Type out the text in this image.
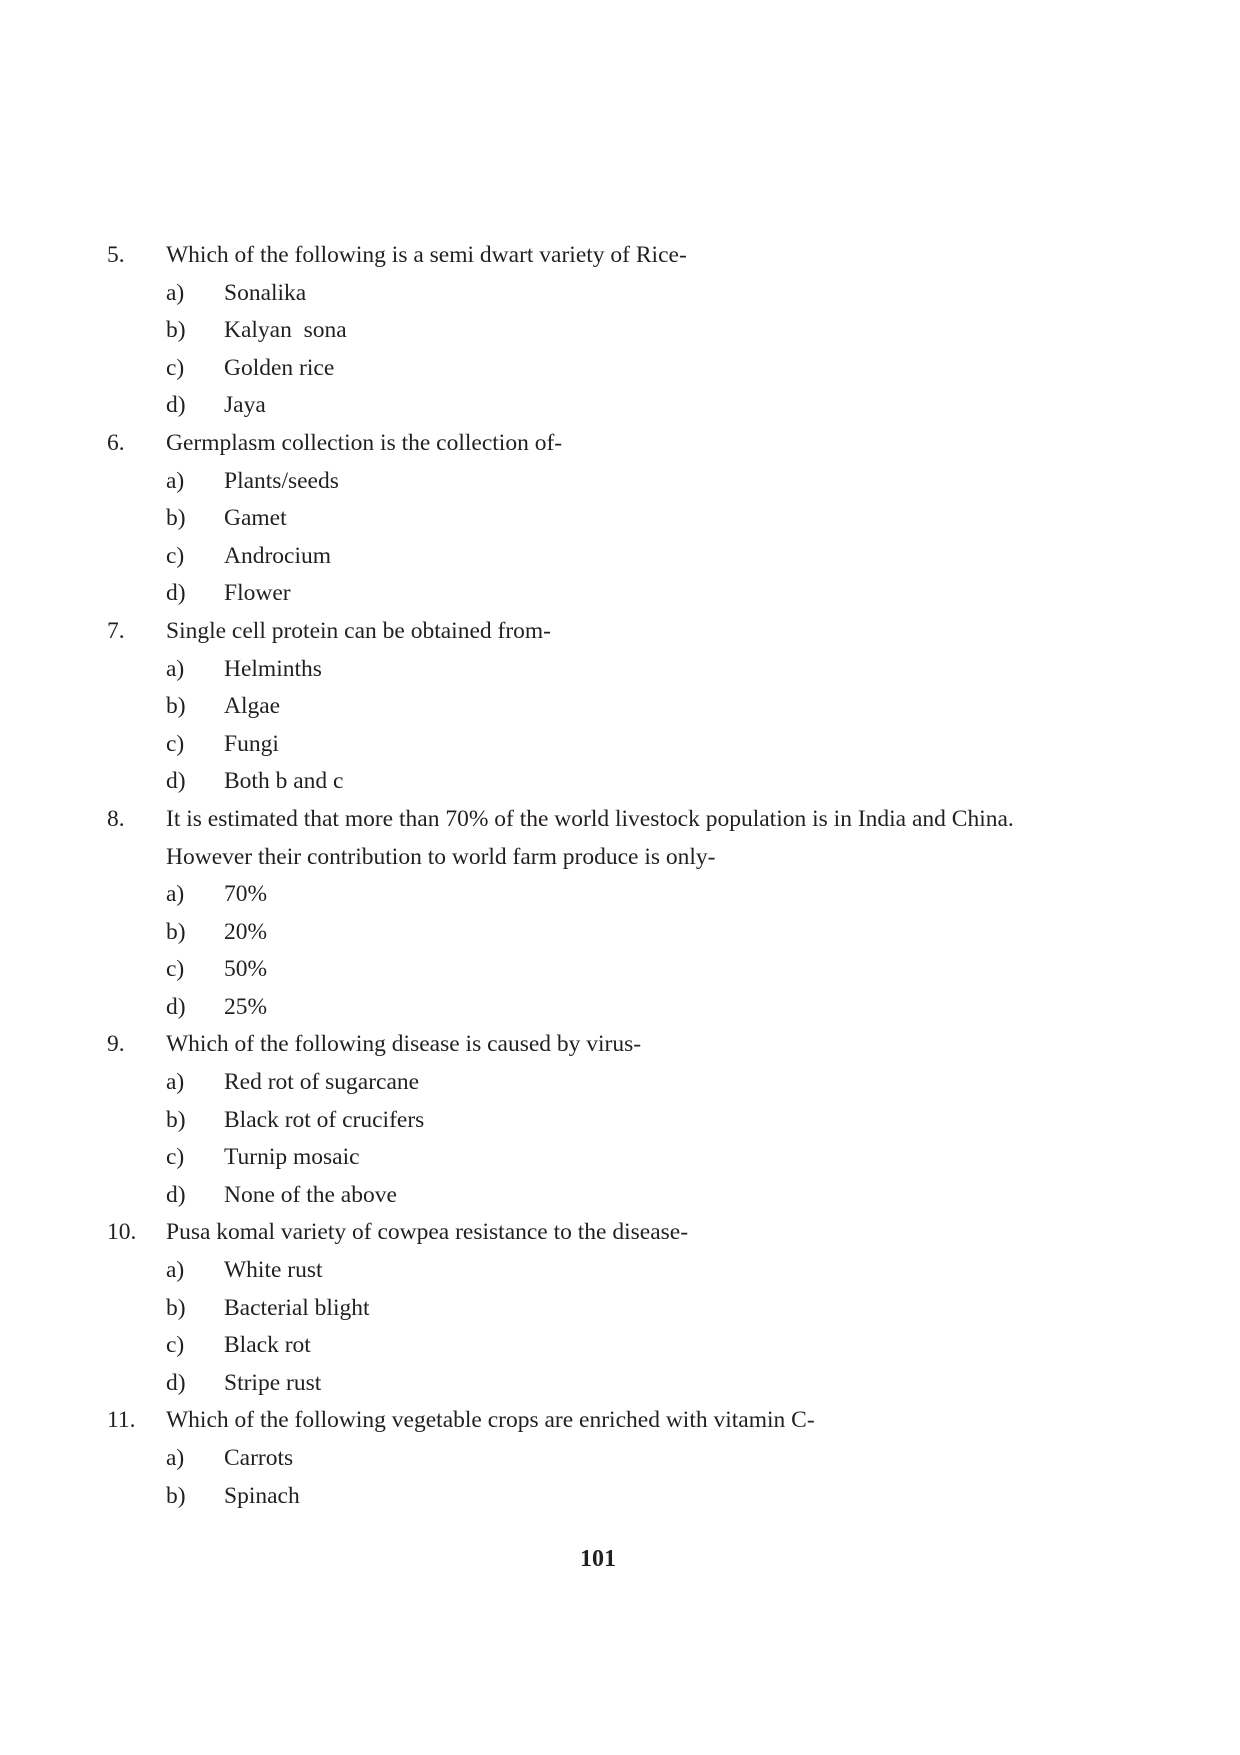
5.	Which of the following is a semi dwart variety of Rice-
a)	Sonalika
b)	Kalyan  sona
c)	Golden rice
d)	Jaya
6.	Germplasm collection is the collection of-
a)	Plants/seeds
b)	Gamet
c)	Androcium
d)	Flower
7.	Single cell protein can be obtained from-
a)	Helminths
b)	Algae
c)	Fungi
d)	Both b and c
8.	It is estimated that more than 70% of the world livestock population is in India and China.
However their contribution to world farm produce is only-
a)	70%
b)	20%
c)	50%
d)	25%
9.	Which of the following disease is caused by virus-
a)	Red rot of sugarcane
b)	Black rot of crucifers
c)	Turnip mosaic
d)	None of the above
10.	Pusa komal variety of cowpea resistance to the disease-
a)	White rust
b)	Bacterial blight
c)	Black rot
d)	Stripe rust
11.	Which of the following vegetable crops are enriched with vitamin C-
a)	Carrots
b)	Spinach
101
